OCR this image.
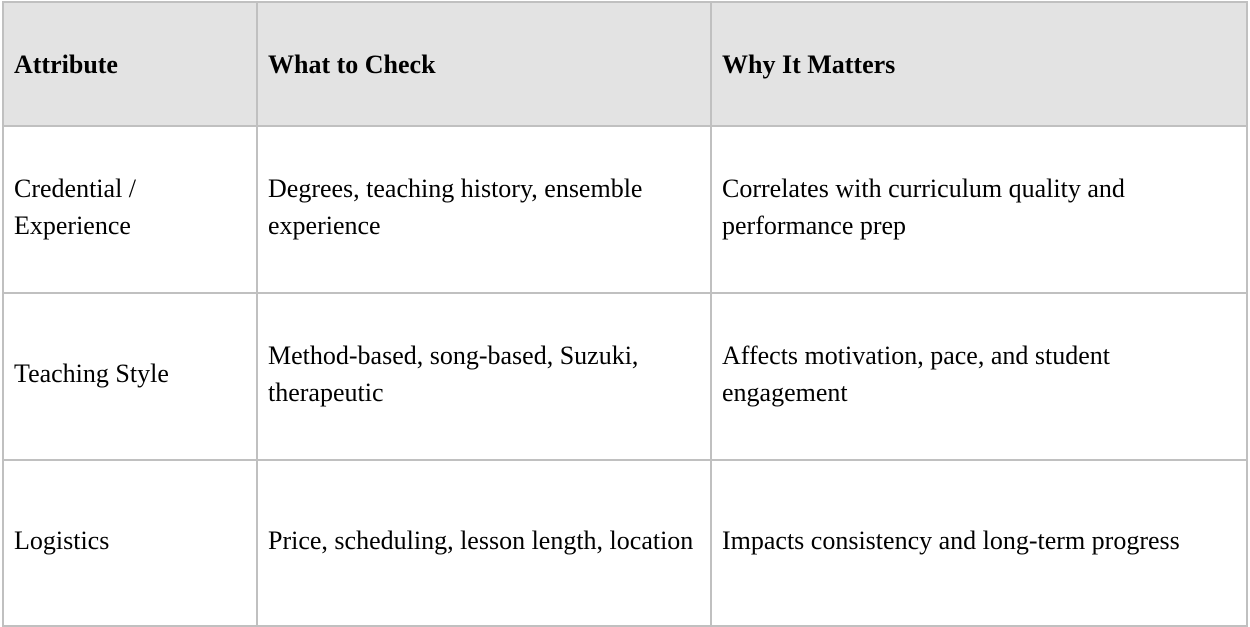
Attribute	What to Check	Why It Matters
Credential / Experience	Degrees, teaching history, ensemble experience	Correlates with curriculum quality and performance prep
Teaching Style	Method-based, song-based, Suzuki, therapeutic	Affects motivation, pace, and student engagement
Logistics	Price, scheduling, lesson length, location	Impacts consistency and long-term progress
